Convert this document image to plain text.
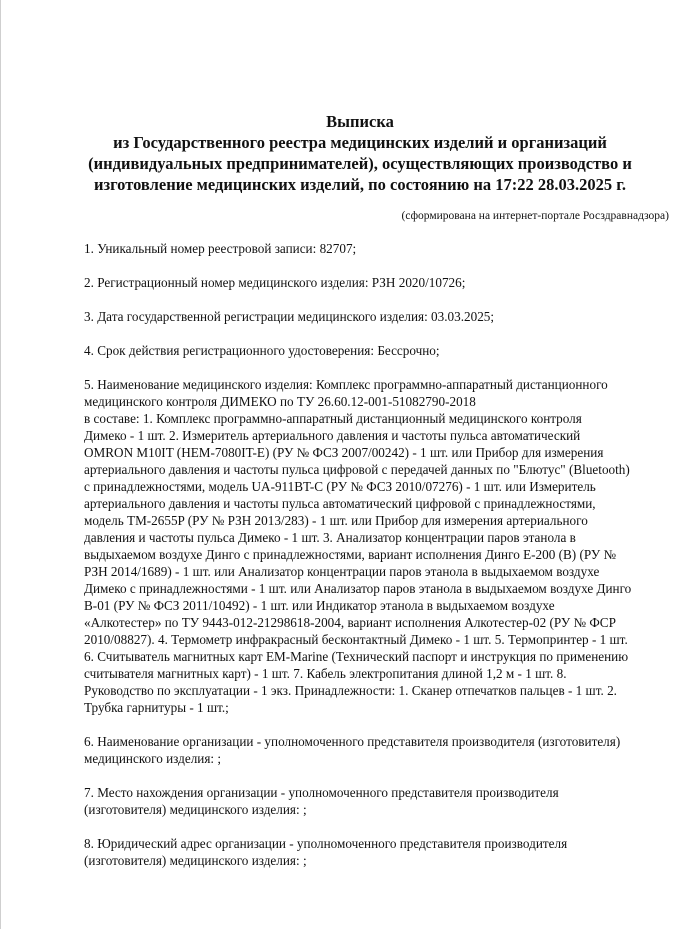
Выписка
из Государственного реестра медицинских изделий и организаций
(индивидуальных предпринимателей), осуществляющих производство и
изготовление медицинских изделий, по состоянию на 17:22 28.03.2025 г.
(сформирована на интернет-портале Росздравнадзора)
1. Уникальный номер реестровой записи: 82707;
2. Регистрационный номер медицинского изделия: РЗН 2020/10726;
3. Дата государственной регистрации медицинского изделия: 03.03.2025;
4. Срок действия регистрационного удостоверения: Бессрочно;
5. Наименование медицинского изделия: Комплекс программно-аппаратный дистанционного
медицинского контроля ДИМЕКО по ТУ 26.60.12-001-51082790-2018
в составе: 1. Комплекс программно-аппаратный дистанционный медицинского контроля
Димеко - 1 шт. 2. Измеритель артериального давления и частоты пульса автоматический
OMRON M10IT (HEM-7080IT-E) (РУ № ФСЗ 2007/00242) - 1 шт. или Прибор для измерения
артериального давления и частоты пульса цифровой с передачей данных по "Блютус" (Bluetooth)
с принадлежностями, модель UA-911BT-C (РУ № ФСЗ 2010/07276) - 1 шт. или Измеритель
артериального давления и частоты пульса автоматический цифровой с принадлежностями,
модель TM-2655P (РУ № РЗН 2013/283) - 1 шт. или Прибор для измерения артериального
давления и частоты пульса Димеко - 1 шт. 3. Анализатор концентрации паров этанола в
выдыхаемом воздухе Динго с принадлежностями, вариант исполнения Динго Е-200 (В) (РУ №
РЗН 2014/1689) - 1 шт. или Анализатор концентрации паров этанола в выдыхаемом воздухе
Димеко с принадлежностями - 1 шт. или Анализатор паров этанола в выдыхаемом воздухе Динго
В-01 (РУ № ФСЗ 2011/10492) - 1 шт. или Индикатор этанола в выдыхаемом воздухе
«Алкотестер» по ТУ 9443-012-21298618-2004, вариант исполнения Алкотестер-02 (РУ № ФСР
2010/08827). 4. Термометр инфракрасный бесконтактный Димеко - 1 шт. 5. Термопринтер - 1 шт.
6. Считыватель магнитных карт EM-Marine (Технический паспорт и инструкция по применению
считывателя магнитных карт) - 1 шт. 7. Кабель электропитания длиной 1,2 м - 1 шт. 8.
Руководство по эксплуатации - 1 экз. Принадлежности: 1. Сканер отпечатков пальцев - 1 шт. 2.
Трубка гарнитуры - 1 шт.;
6. Наименование организации - уполномоченного представителя производителя (изготовителя)
медицинского изделия: ;
7. Место нахождения организации - уполномоченного представителя производителя
(изготовителя) медицинского изделия: ;
8. Юридический адрес организации - уполномоченного представителя производителя
(изготовителя) медицинского изделия: ;
